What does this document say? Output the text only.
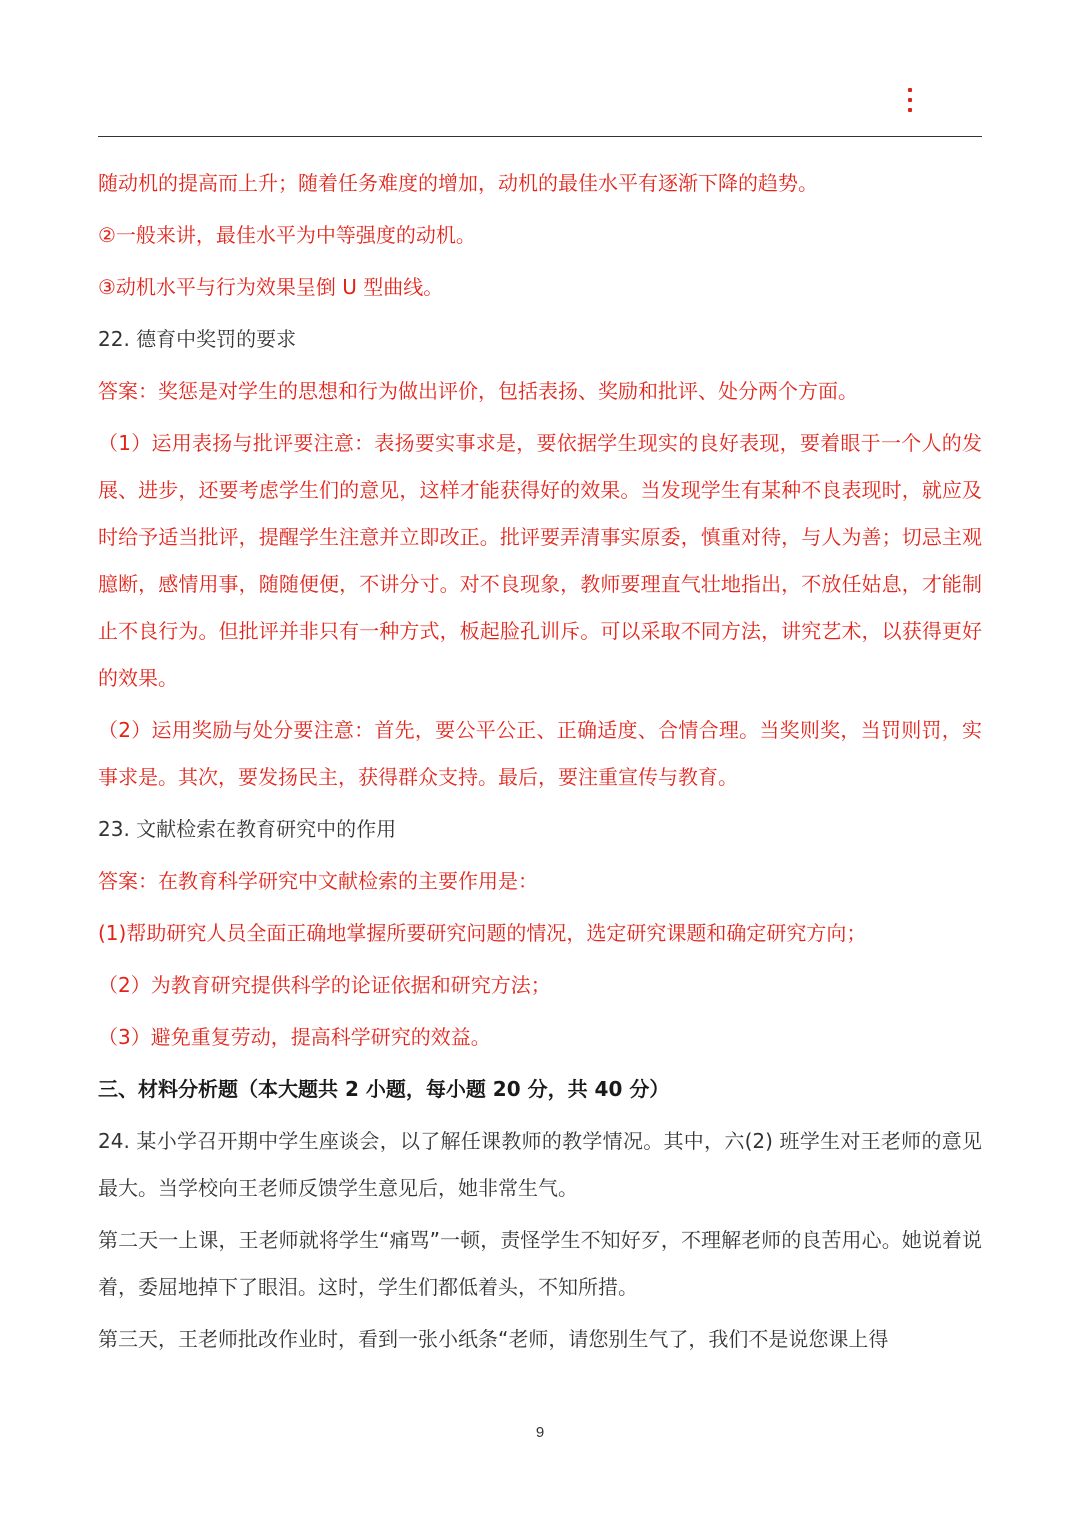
随动机的提高而上升；随着任务难度的增加，动机的最佳水平有逐渐下降的趋势。

②一般来讲，最佳水平为中等强度的动机。

③动机水平与行为效果呈倒 U 型曲线。

22. 德育中奖罚的要求

答案：奖惩是对学生的思想和行为做出评价，包括表扬、奖励和批评、处分两个方面。

（1）运用表扬与批评要注意：表扬要实事求是，要依据学生现实的良好表现，要着眼于一个人的发展、进步，还要考虑学生们的意见，这样才能获得好的效果。当发现学生有某种不良表现时，就应及时给予适当批评，提醒学生注意并立即改正。批评要弄清事实原委，慎重对待，与人为善；切忌主观臆断，感情用事，随随便便，不讲分寸。对不良现象，教师要理直气壮地指出，不放任姑息，才能制止不良行为。但批评并非只有一种方式，板起脸孔训斥。可以采取不同方法，讲究艺术，以获得更好的效果。

（2）运用奖励与处分要注意：首先，要公平公正、正确适度、合情合理。当奖则奖，当罚则罚，实事求是。其次，要发扬民主，获得群众支持。最后，要注重宣传与教育。

23. 文献检索在教育研究中的作用

答案：在教育科学研究中文献检索的主要作用是：

(1)帮助研究人员全面正确地掌握所要研究问题的情况，选定研究课题和确定研究方向；

（2）为教育研究提供科学的论证依据和研究方法；

（3）避免重复劳动，提高科学研究的效益。

三、材料分析题（本大题共 2 小题，每小题 20 分，共 40 分）

24. 某小学召开期中学生座谈会，以了解任课教师的教学情况。其中，六(2) 班学生对王老师的意见最大。当学校向王老师反馈学生意见后，她非常生气。

第二天一上课，王老师就将学生“痛骂”一顿，责怪学生不知好歹，不理解老师的良苦用心。她说着说着，委屈地掉下了眼泪。这时，学生们都低着头，不知所措。

第三天，王老师批改作业时，看到一张小纸条“老师，请您别生气了，我们不是说您课上得

9
